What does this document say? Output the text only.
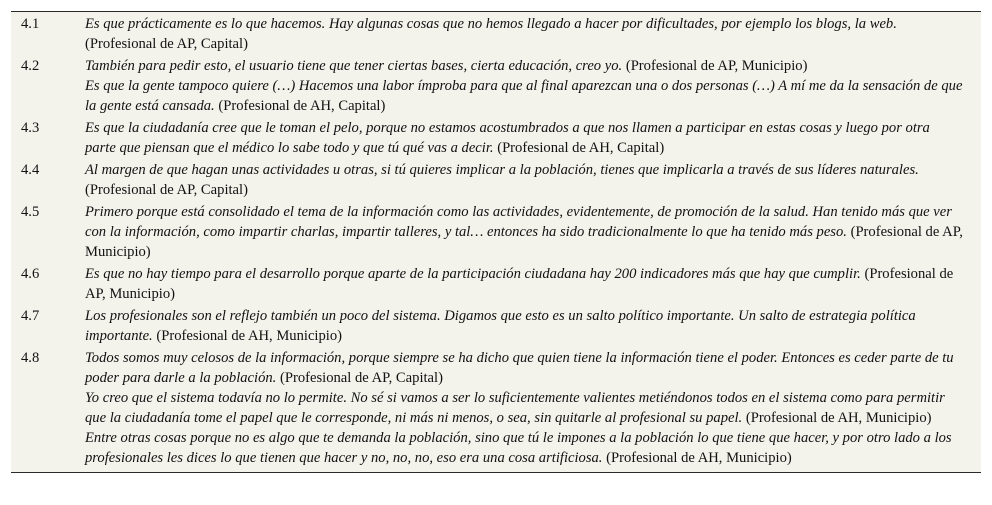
4.1	Es que prácticamente es lo que hacemos. Hay algunas cosas que no hemos llegado a hacer por dificultades, por ejemplo los blogs, la web. (Profesional de AP, Capital)

4.2	También para pedir esto, el usuario tiene que tener ciertas bases, cierta educación, creo yo. (Profesional de AP, Municipio)
Es que la gente tampoco quiere (…) Hacemos una labor ímproba para que al final aparezcan una o dos personas (…) A mí me da la sensación de que la gente está cansada. (Profesional de AH, Capital)

4.3	Es que la ciudadanía cree que le toman el pelo, porque no estamos acostumbrados a que nos llamen a participar en estas cosas y luego por otra parte que piensan que el médico lo sabe todo y que tú qué vas a decir. (Profesional de AH, Capital)

4.4	Al margen de que hagan unas actividades u otras, si tú quieres implicar a la población, tienes que implicarla a través de sus líderes naturales. (Profesional de AP, Capital)

4.5	Primero porque está consolidado el tema de la información como las actividades, evidentemente, de promoción de la salud. Han tenido más que ver con la información, como impartir charlas, impartir talleres, y tal… entonces ha sido tradicionalmente lo que ha tenido más peso. (Profesional de AP, Municipio)

4.6	Es que no hay tiempo para el desarrollo porque aparte de la participación ciudadana hay 200 indicadores más que hay que cumplir. (Profesional de AP, Municipio)

4.7	Los profesionales son el reflejo también un poco del sistema. Digamos que esto es un salto político importante. Un salto de estrategia política importante. (Profesional de AH, Municipio)

4.8	Todos somos muy celosos de la información, porque siempre se ha dicho que quien tiene la información tiene el poder. Entonces es ceder parte de tu poder para darle a la población. (Profesional de AP, Capital)
Yo creo que el sistema todavía no lo permite. No sé si vamos a ser lo suficientemente valientes metiéndonos todos en el sistema como para permitir que la ciudadanía tome el papel que le corresponde, ni más ni menos, o sea, sin quitarle al profesional su papel. (Profesional de AH, Municipio)
Entre otras cosas porque no es algo que te demanda la población, sino que tú le impones a la población lo que tiene que hacer, y por otro lado a los profesionales les dices lo que tienen que hacer y no, no, no, eso era una cosa artificiosa. (Profesional de AH, Municipio)
